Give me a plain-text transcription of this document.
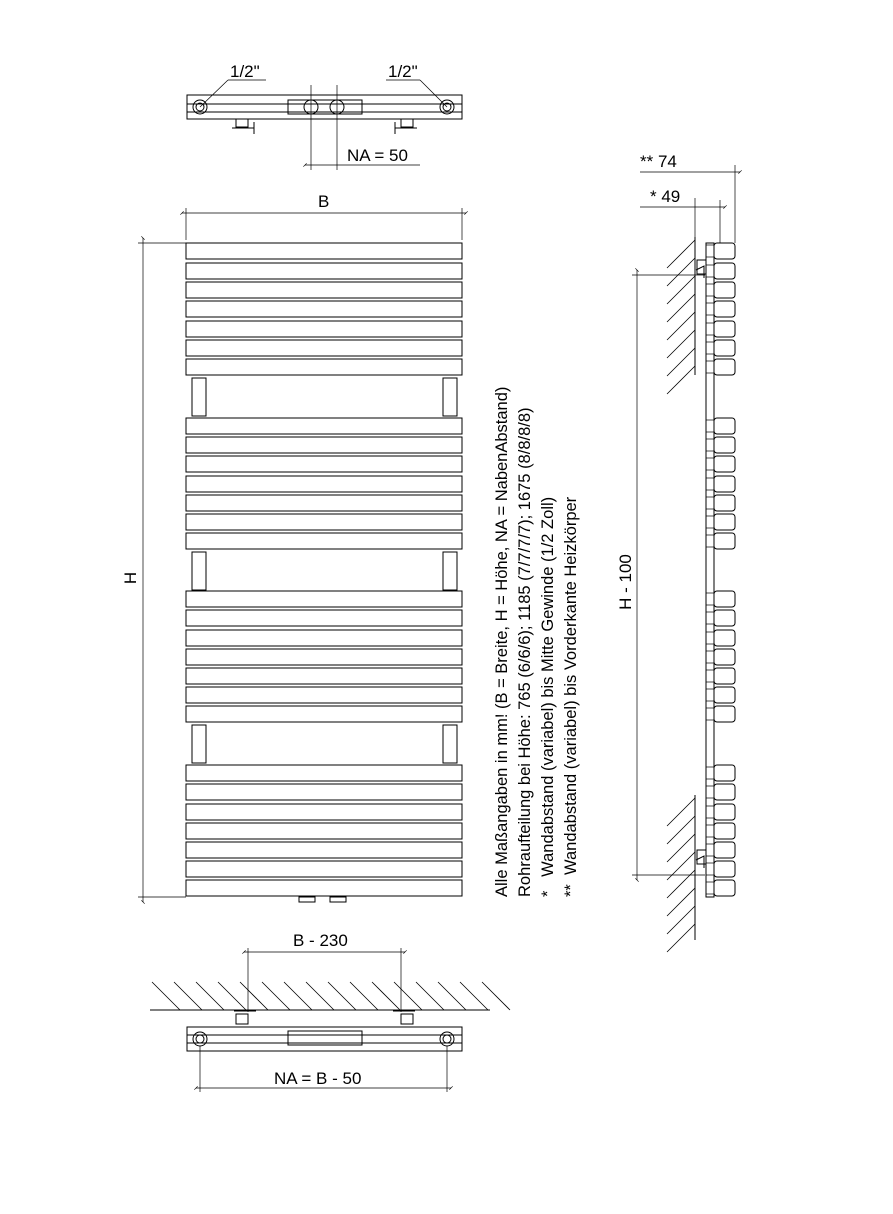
1/2"	1/2"
NA = 50
B
H
B - 230
NA = B - 50
Alle Maßangaben in mm! (B = Breite, H = Höhe, NA = NabenAbstand) Rohraufteilung bei Höhe: 765 (6/6/6); 1185 (7/7/7/7); 1675 (8/8/8/8) *   Wandabstand (variabel) bis Mitte Gewinde (1/2 Zoll) **  Wandabstand (variabel) bis Vorderkante Heizkörper
** 74
* 49
H - 100
